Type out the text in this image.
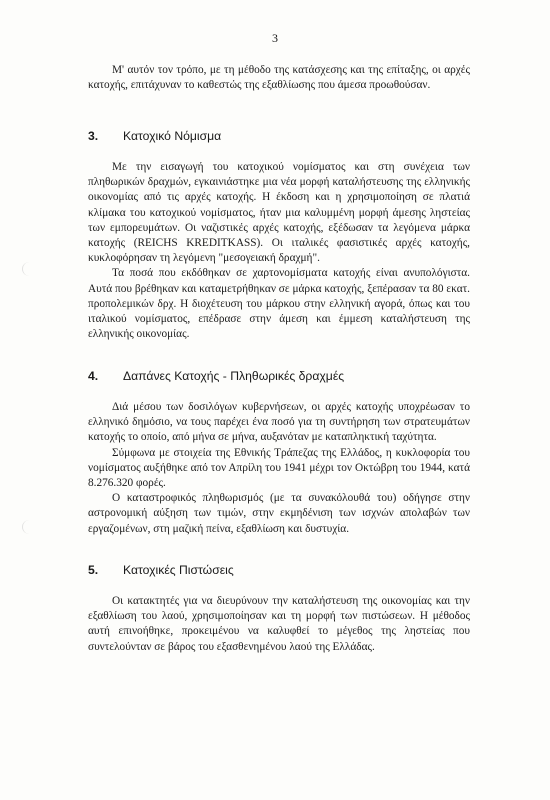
3

Μ' αυτόν τον τρόπο, με τη μέθοδο της κατάσχεσης και της επίταξης, οι αρχές κατοχής, επιτάχυναν το καθεστώς της εξαθλίωσης που άμεσα προωθούσαν.

3. Κατοχικό Νόμισμα

Με την εισαγωγή του κατοχικού νομίσματος και στη συνέχεια των πληθωρικών δραχμών, εγκαινιάστηκε μια νέα μορφή καταλήστευσης της ελληνικής οικονομίας από τις αρχές κατοχής. Η έκδοση και η χρησιμοποίηση σε πλατιά κλίμακα του κατοχικού νομίσματος, ήταν μια καλυμμένη μορφή άμεσης ληστείας των εμπορευμάτων. Οι ναζιστικές αρχές κατοχής, εξέδωσαν τα λεγόμενα μάρκα κατοχής (REICHS KREDITKASS). Οι ιταλικές φασιστικές αρχές κατοχής, κυκλοφόρησαν τη λεγόμενη "μεσογειακή δραχμή".

Τα ποσά που εκδόθηκαν σε χαρτονομίσματα κατοχής είναι ανυπολόγιστα. Αυτά που βρέθηκαν και καταμετρήθηκαν σε μάρκα κατοχής, ξεπέρασαν τα 80 εκατ. προπολεμικών δρχ. Η διοχέτευση του μάρκου στην ελληνική αγορά, όπως και του ιταλικού νομίσματος, επέδρασε στην άμεση και έμμεση καταλήστευση της ελληνικής οικονομίας.

4. Δαπάνες Κατοχής - Πληθωρικές δραχμές

Διά μέσου των δοσιλόγων κυβερνήσεων, οι αρχές κατοχής υποχρέωσαν το ελληνικό δημόσιο, να τους παρέχει ένα ποσό για τη συντήρηση των στρατευμάτων κατοχής το οποίο, από μήνα σε μήνα, αυξανόταν με καταπληκτική ταχύτητα.

Σύμφωνα με στοιχεία της Εθνικής Τράπεζας της Ελλάδος, η κυκλοφορία του νομίσματος αυξήθηκε από τον Απρίλη του 1941 μέχρι τον Οκτώβρη του 1944, κατά 8.276.320 φορές.

Ο καταστροφικός πληθωρισμός (με τα συνακόλουθά του) οδήγησε στην αστρονομική αύξηση των τιμών, στην εκμηδένιση των ισχνών απολαβών των εργαζομένων, στη μαζική πείνα, εξαθλίωση και δυστυχία.

5. Κατοχικές Πιστώσεις

Οι κατακτητές για να διευρύνουν την καταλήστευση της οικονομίας και την εξαθλίωση του λαού, χρησιμοποίησαν και τη μορφή των πιστώσεων. Η μέθοδος αυτή επινοήθηκε, προκειμένου να καλυφθεί το μέγεθος της ληστείας που συντελούνταν σε βάρος του εξασθενημένου λαού της Ελλάδας.
